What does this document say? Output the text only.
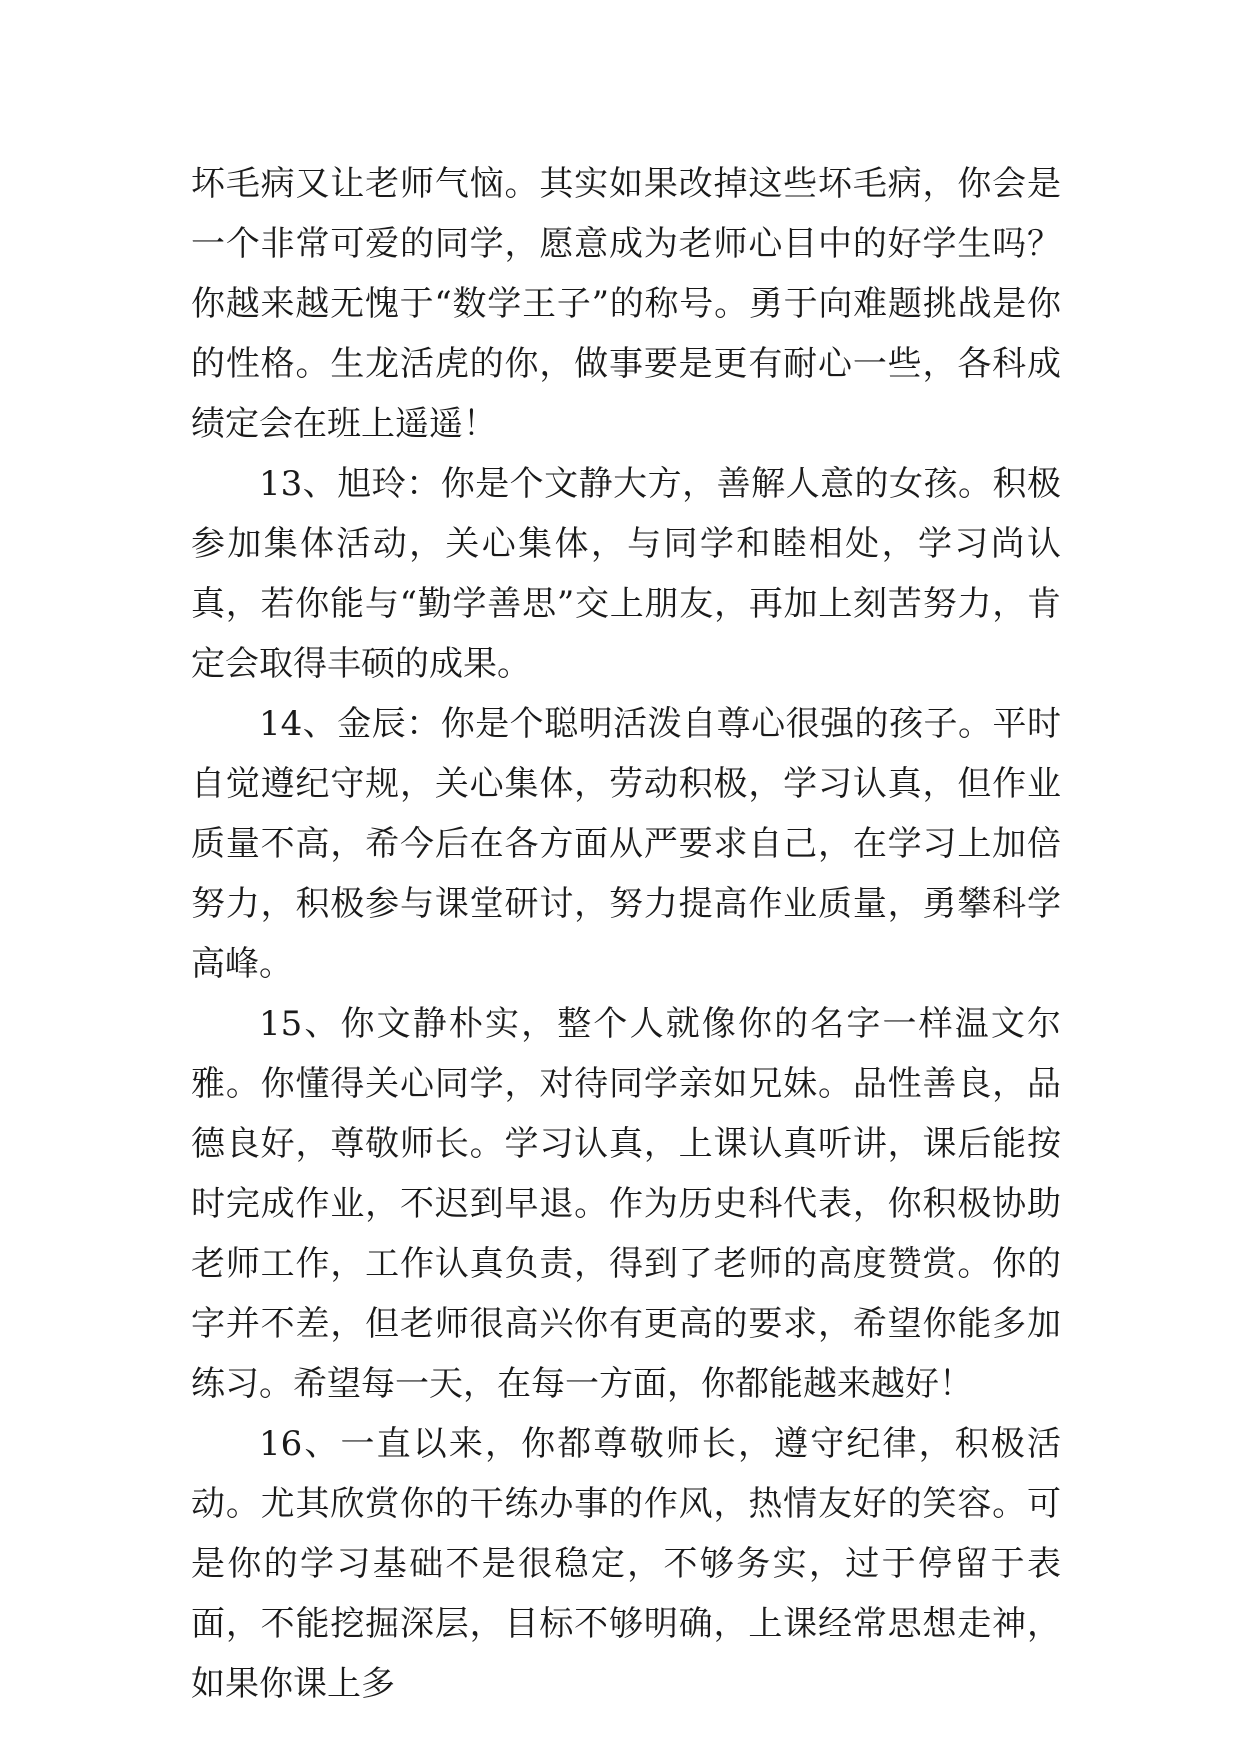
坏毛病又让老师气恼。其实如果改掉这些坏毛病，你会是一个非常可爱的同学，愿意成为老师心目中的好学生吗？你越来越无愧于“数学王子”的称号。勇于向难题挑战是你的性格。生龙活虎的你，做事要是更有耐心一些，各科成绩定会在班上遥遥！

13、旭玲：你是个文静大方，善解人意的女孩。积极参加集体活动，关心集体，与同学和睦相处，学习尚认真，若你能与“勤学善思”交上朋友，再加上刻苦努力，肯定会取得丰硕的成果。

14、金辰：你是个聪明活泼自尊心很强的孩子。平时自觉遵纪守规，关心集体，劳动积极，学习认真，但作业质量不高，希今后在各方面从严要求自己，在学习上加倍努力，积极参与课堂研讨，努力提高作业质量，勇攀科学高峰。

15、你文静朴实，整个人就像你的名字一样温文尔雅。你懂得关心同学，对待同学亲如兄妹。品性善良，品德良好，尊敬师长。学习认真，上课认真听讲，课后能按时完成作业，不迟到早退。作为历史科代表，你积极协助老师工作，工作认真负责，得到了老师的高度赞赏。你的字并不差，但老师很高兴你有更高的要求，希望你能多加练习。希望每一天，在每一方面，你都能越来越好！

16、一直以来，你都尊敬师长，遵守纪律，积极活动。尤其欣赏你的干练办事的作风，热情友好的笑容。可是你的学习基础不是很稳定，不够务实，过于停留于表面，不能挖掘深层，目标不够明确，上课经常思想走神，如果你课上多
